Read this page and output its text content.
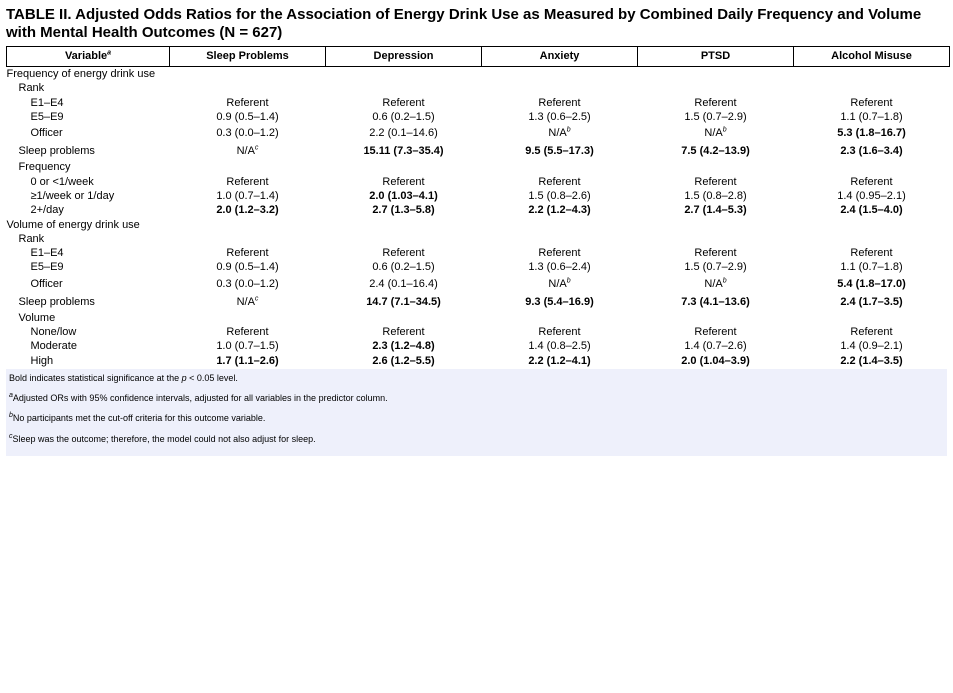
TABLE II. Adjusted Odds Ratios for the Association of Energy Drink Use as Measured by Combined Daily Frequency and Volume with Mental Health Outcomes (N = 627)
Variable$^a$	Sleep Problems	Depression	Anxiety	PTSD	Alcohol Misuse
Frequency of energy drink use					
Rank					
E1–E4	Referent	Referent	Referent	Referent	Referent
E5–E9	0.9 (0.5–1.4)	0.6 (0.2–1.5)	1.3 (0.6–2.5)	1.5 (0.7–2.9)	1.1 (0.7–1.8)
Officer	0.3 (0.0–1.2)	2.2 (0.1–14.6)	$N/A^b$	$N/A^b$	5.3 (1.8–16.7)
Sleep problems	$N/A^c$	15.11 (7.3–35.4)	9.5 (5.5–17.3)	7.5 (4.2–13.9)	2.3 (1.6–3.4)
Frequency					
0 or <1/week	Referent	Referent	Referent	Referent	Referent
≥1/week or 1/day	1.0 (0.7–1.4)	2.0 (1.03–4.1)	1.5 (0.8–2.6)	1.5 (0.8–2.8)	1.4 (0.95–2.1)
2+/day	2.0 (1.2–3.2)	2.7 (1.3–5.8)	2.2 (1.2–4.3)	2.7 (1.4–5.3)	2.4 (1.5–4.0)
Volume of energy drink use					
Rank					
E1–E4	Referent	Referent	Referent	Referent	Referent
E5–E9	0.9 (0.5–1.4)	0.6 (0.2–1.5)	1.3 (0.6–2.4)	1.5 (0.7–2.9)	1.1 (0.7–1.8)
Officer	0.3 (0.0–1.2)	2.4 (0.1–16.4)	$N/A^b$	$N/A^b$	5.4 (1.8–17.0)
Sleep problems	$N/A^c$	14.7 (7.1–34.5)	9.3 (5.4–16.9)	7.3 (4.1–13.6)	2.4 (1.7–3.5)
Volume					
None/low	Referent	Referent	Referent	Referent	Referent
Moderate	1.0 (0.7–1.5)	2.3 (1.2–4.8)	1.4 (0.8–2.5)	1.4 (0.7–2.6)	1.4 (0.9–2.1)
High	1.7 (1.1–2.6)	2.6 (1.2–5.5)	2.2 (1.2–4.1)	2.0 (1.04–3.9)	2.2 (1.4–3.5)
Bold indicates statistical significance at the p < 0.05 level.
$^a$Adjusted ORs with 95% confidence intervals, adjusted for all variables in the predictor column.
$^b$No participants met the cut-off criteria for this outcome variable.
$^c$Sleep was the outcome; therefore, the model could not also adjust for sleep.
